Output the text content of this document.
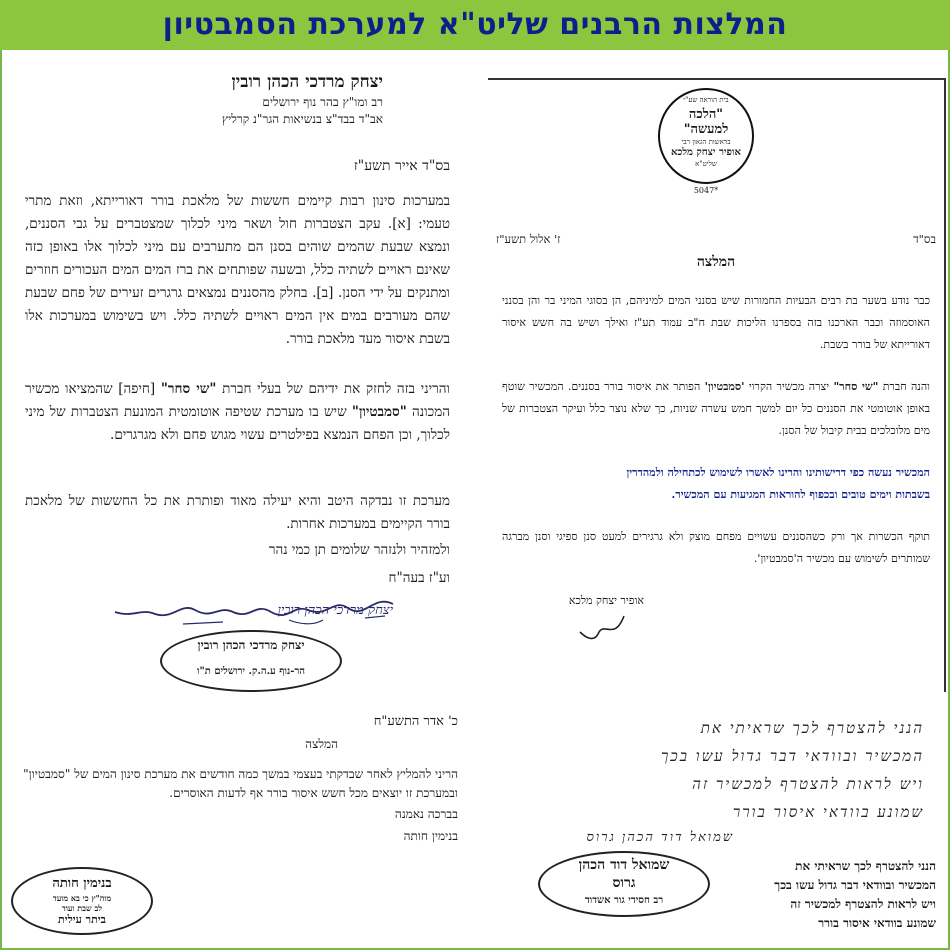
המלצות הרבנים שליט"א למערכת הסמבטיון
יצחק מרדכי הכהן רובין
רב ומו"ץ בהר נוף ירושלים
אב"ד בבד"צ בנשיאות הגר"נ קרליץ
בס"ד אייר תשע"ז
במערכות סינון רבות קיימים חששות של מלאכת בורר דאורייתא, וזאת מתרי טעמי: [א]. עקב הצטברות חול ושאר מיני לכלוך שמצטברים על גבי הסננים, ונמצא שבעת שהמים שוהים בסנן הם מתערבים עם מיני לכלוך אלו באופן כזה שאינם ראויים לשתיה כלל, ובשעה שפותחים את ברז המים המים העכורים חוזרים ומתנקים על ידי הסנן. [ב]. בחלק מהסננים נמצאים גרגרים זעירים של פחם שבעת שהם מעורבים במים אין המים ראויים לשתיה כלל. ויש בשימוש במערכות אלו בשבת איסור מעד מלאכת בורר.
והריני בזה לחזק את ידיהם של בעלי חברת "שי סחר" [חיפה] שהמציאו מכשיר המכונה "סמבטיון" שיש בו מערכת שטיפה אוטומטית המונעת הצטברות של מיני לכלוך, וכן הפחם הנמצא בפילטרים עשוי מגוש פחם ולא מגרגרים.
מערכת זו נבדקה היטב והיא יעילה מאוד ופותרת את כל החששות של מלאכת בורר הקיימים במערכות אחרות.
ולמזהיר ולנזהר שלומים תן כמי נהר
וע"ז בעה"ח
יצחק מרדכי הכהן רובין
יצחק מרדכי הכהן רובין
הר-נוף ע.ה.ק. ירושלים ת"ו
בית הוראה שע"י
"הלכה
למעשה"
בראשות הגאון רבי
אופיר יצחק מלכא
שליט"א
5047*
ז' אלול תשע"ז	בס"ד
המלצה
כבר נודע בשער בת רבים הבעיות החמורות שיש בסנני המים למיניהם, הן בסוגי המיני בר והן בסנני האוסמוזה וכבר הארכנו בזה בספרנו הליכות שבת ח"ב עמוד תע"ז ואילך ושיש בה חשש איסור דאורייתא של בורר בשבת.
והנה חברת "שי סחר" יצרה מכשיר הקרוי 'סמבטיון' הפותר את איסור בורר בסננים. המכשיר שוטף באופן אוטומטי את הסננים כל יום למשך חמש עשרה שניות, כך שלא נוצר כלל ועיקר הצטברות של מים מלוכלכים בבית קיבול של הסנן.
המכשיר נעשה כפי דרישותינו והרינו לאשרו לשימוש לכתחילה ולמהדרין
בשבתות וימים טובים ובכפוף להוראות המגיעות עם המכשיר.
תוקף הכשרות אך ורק כשהסננים עשויים מפחם מוצק ולא גרגירים למעט סנן ספיגי וסנן מברגה שמותרים לשימוש עם מכשיר ה'סמבטיון'.
אופיר יצחק מלכא
כ' אדר התשע"ח
המלצה
הריני להמליץ לאחר שבדקתי בעצמי במשך כמה חודשים את מערכת סינון המים של "סמבטיון"
ובמערכת זו יוצאים מכל חשש איסור בורר אף לדעות האוסרים.
בברכה נאמנה
בנימין חותה
בנימין חותה
מוה"ץ כי בא מועד
לב שבת ועוד
ביתר עילית
הנני להצטרף לכך שראיתי את
המכשיר ובוודאי דבר גדול עשו בכך
ויש לראות להצטרף למכשיר זה
שמונע בוודאי איסור בורר
שמואל דוד הכהן גרוס
שמואל דוד הכהן
גרוס
רב חסידי גור אשדוד
הנני להצטרף לכך שראיתי את
המכשיר ובוודאי דבר גדול עשו בכך
ויש לראות להצטרף למכשיר זה
שמונע בוודאי איסור בורר
